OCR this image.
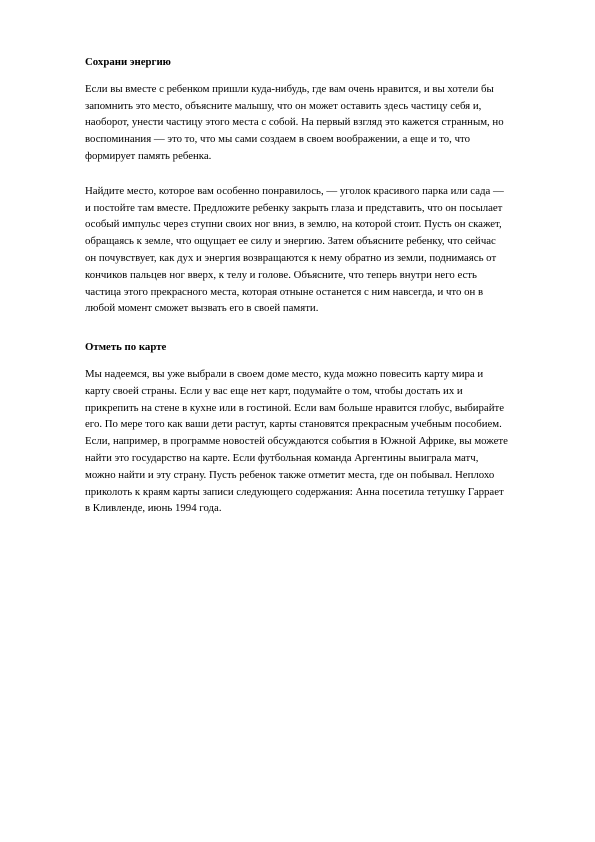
Сохрани энергию
Если вы вместе с ребенком пришли куда-нибудь, где вам очень нравится, и вы хотели бы
запомнить это место, объясните малышу, что он может оставить здесь частицу себя и,
наоборот, унести частицу этого места с собой. На первый взгляд это кажется странным, но
воспоминания — это то, что мы сами создаем в своем воображении, а еще и то, что
формирует память ребенка.
Найдите место, которое вам особенно понравилось, — уголок красивого парка или сада —
и постойте там вместе. Предложите ребенку закрыть глаза и представить, что он посылает
особый импульс через ступни своих ног вниз, в землю, на которой стоит. Пусть он скажет,
обращаясь к земле, что ощущает ее силу и энергию. Затем объясните ребенку, что сейчас
он почувствует, как дух и энергия возвращаются к нему обратно из земли, поднимаясь от
кончиков пальцев ног вверх, к телу и голове. Объясните, что теперь внутри него есть
частица этого прекрасного места, которая отныне останется с ним навсегда, и что он в
любой момент сможет вызвать его в своей памяти.
Отметь по карте
Мы надеемся, вы уже выбрали в своем доме место, куда можно повесить карту мира и
карту своей страны. Если у вас еще нет карт, подумайте о том, чтобы достать их и
прикрепить на стене в кухне или в гостиной. Если вам больше нравится глобус, выбирайте
его. По мере того как ваши дети растут, карты становятся прекрасным учебным пособием.
Если, например, в программе новостей обсуждаются события в Южной Африке, вы можете
найти это государство на карте. Если футбольная команда Аргентины выиграла матч,
можно найти и эту страну. Пусть ребенок также отметит места, где он побывал. Неплохо
приколоть к краям карты записи следующего содержания: Анна посетила тетушку Гаррает
в Кливленде, июнь 1994 года.
